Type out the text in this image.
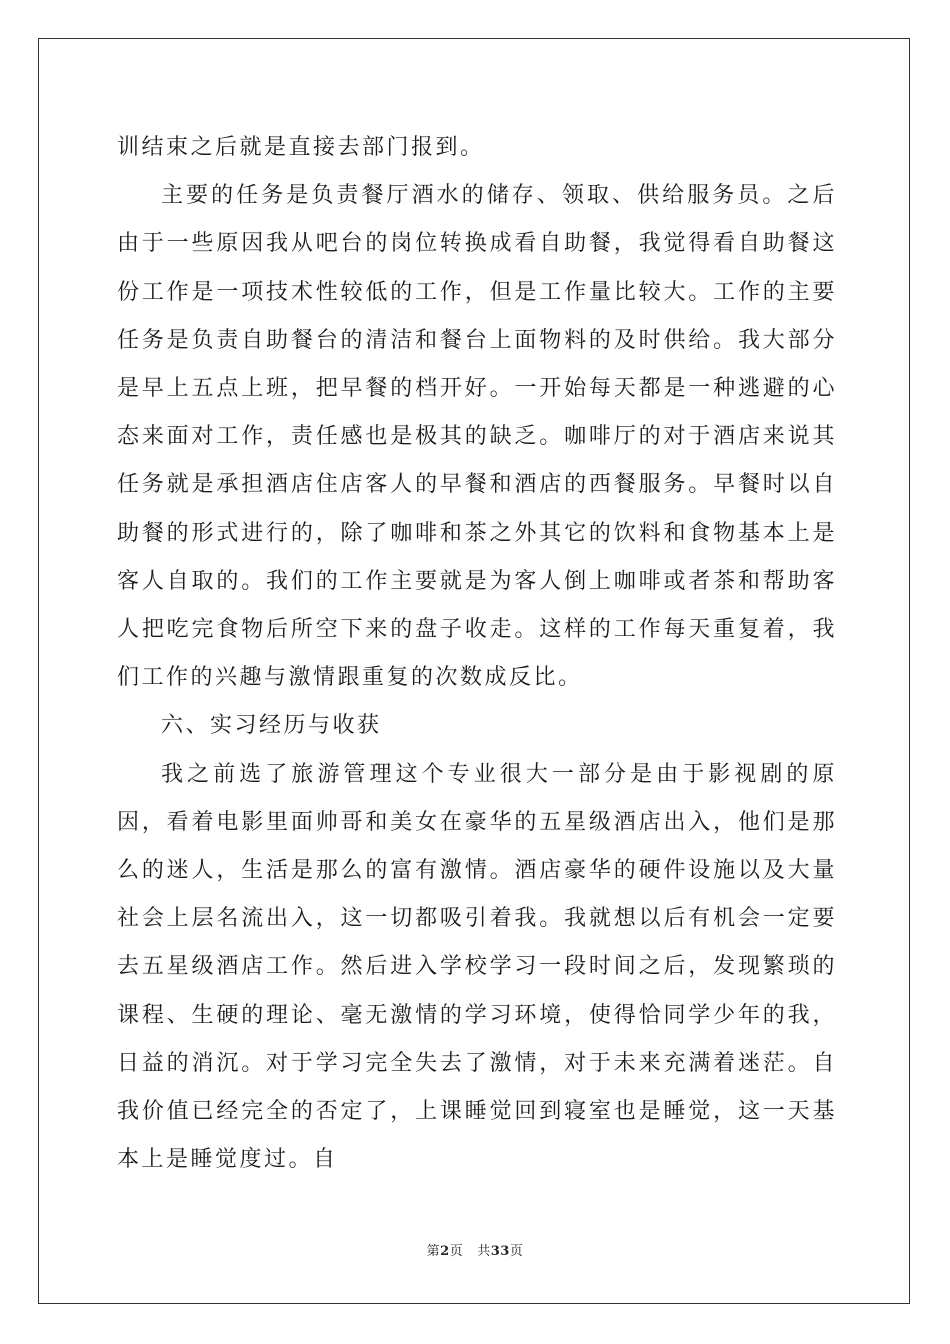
训结束之后就是直接去部门报到。

主要的任务是负责餐厅酒水的储存、领取、供给服务员。之后由于一些原因我从吧台的岗位转换成看自助餐，我觉得看自助餐这份工作是一项技术性较低的工作，但是工作量比较大。工作的主要任务是负责自助餐台的清洁和餐台上面物料的及时供给。我大部分是早上五点上班，把早餐的档开好。一开始每天都是一种逃避的心态来面对工作，责任感也是极其的缺乏。咖啡厅的对于酒店来说其任务就是承担酒店住店客人的早餐和酒店的西餐服务。早餐时以自助餐的形式进行的，除了咖啡和茶之外其它的饮料和食物基本上是客人自取的。我们的工作主要就是为客人倒上咖啡或者茶和帮助客人把吃完食物后所空下来的盘子收走。这样的工作每天重复着，我们工作的兴趣与激情跟重复的次数成反比。

六、实习经历与收获

我之前选了旅游管理这个专业很大一部分是由于影视剧的原因，看着电影里面帅哥和美女在豪华的五星级酒店出入，他们是那么的迷人，生活是那么的富有激情。酒店豪华的硬件设施以及大量社会上层名流出入，这一切都吸引着我。我就想以后有机会一定要去五星级酒店工作。然后进入学校学习一段时间之后，发现繁琐的课程、生硬的理论、毫无激情的学习环境，使得恰同学少年的我，日益的消沉。对于学习完全失去了激情，对于未来充满着迷茫。自我价值已经完全的否定了，上课睡觉回到寝室也是睡觉，这一天基本上是睡觉度过。自

第2页 共33页
